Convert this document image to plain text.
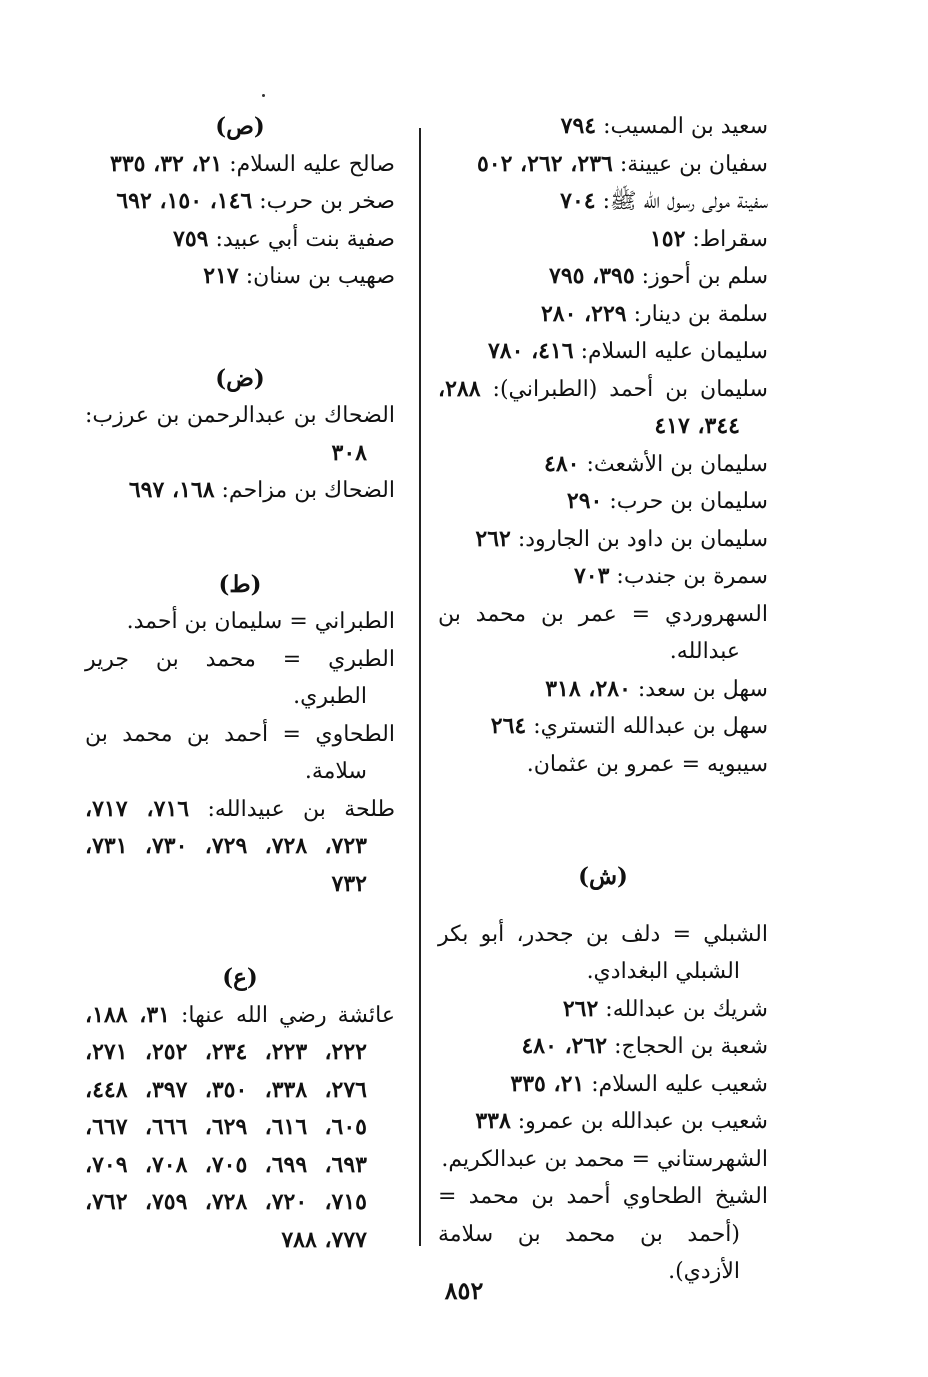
سعيد بن المسيب: ٧٩٤

سفيان بن عيينة: ٢٣٦، ٢٦٢، ٥٠٢

سفينة مولى رسول الله ﷺ: ٧٠٤

سقراط: ١٥٢

سلم بن أحوز: ٣٩٥، ٧٩٥

سلمة بن دينار: ٢٢٩، ٢٨٠

سليمان عليه السلام: ٤١٦، ٧٨٠

سليمان بن أحمد (الطبراني): ٢٨٨، ٣٤٤، ٤١٧

سليمان بن الأشعث: ٤٨٠

سليمان بن حرب: ٢٩٠

سليمان بن داود بن الجارود: ٢٦٢

سمرة بن جندب: ٧٠٣

السهروردي = عمر بن محمد بن عبدالله.

سهل بن سعد: ٢٨٠، ٣١٨

سهل بن عبدالله التستري: ٢٦٤

سيبويه = عمرو بن عثمان.

(ش)

الشبلي = دلف بن جحدر، أبو بكر الشبلي البغدادي.

شريك بن عبدالله: ٢٦٢

شعبة بن الحجاج: ٢٦٢، ٤٨٠

شعيب عليه السلام: ٢١، ٣٣٥

شعيب بن عبدالله بن عمرو: ٣٣٨

الشهرستاني = محمد بن عبدالكريم.

الشيخ الطحاوي أحمد بن محمد = (أحمد بن محمد بن سلامة الأزدي).

(ص)

صالح عليه السلام: ٢١، ٣٢، ٣٣٥

صخر بن حرب: ١٤٦، ١٥٠، ٦٩٢

صفية بنت أبي عبيد: ٧٥٩

صهيب بن سنان: ٢١٧

(ض)

الضحاك بن عبدالرحمن بن عرزب: ٣٠٨

الضحاك بن مزاحم: ١٦٨، ٦٩٧

(ط)

الطبراني = سليمان بن أحمد.

الطبري = محمد بن جرير الطبري.

الطحاوي = أحمد بن محمد بن سلامة.

طلحة بن عبيدالله: ٧١٦، ٧١٧، ٧٢٣، ٧٢٨، ٧٢٩، ٧٣٠، ٧٣١، ٧٣٢

(ع)

عائشة رضي الله عنها: ٣١، ١٨٨، ٢٢٢، ٢٢٣، ٢٣٤، ٢٥٢، ٢٧١، ٢٧٦، ٣٣٨، ٣٥٠، ٣٩٧، ٤٤٨، ٦٠٥، ٦١٦، ٦٢٩، ٦٦٦، ٦٦٧، ٦٩٣، ٦٩٩، ٧٠٥، ٧٠٨، ٧٠٩، ٧١٥، ٧٢٠، ٧٢٨، ٧٥٩، ٧٦٢، ٧٧٧، ٧٨٨

٨٥٢
